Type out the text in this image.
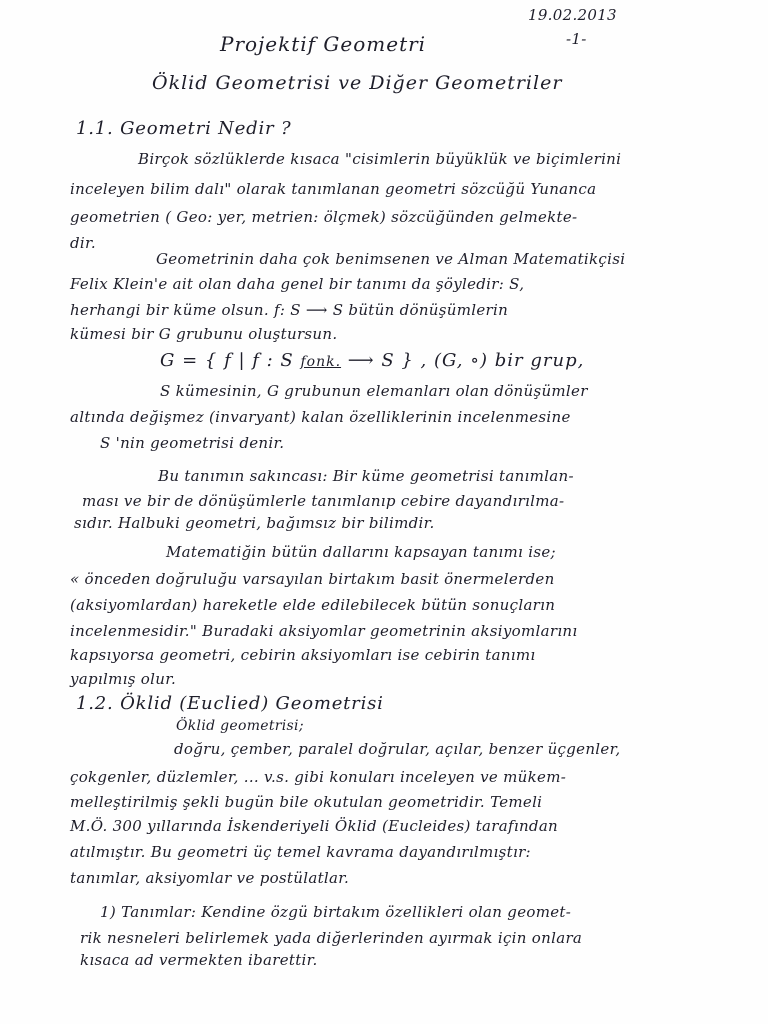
19.02.2013
-1-
Projektif Geometri
Öklid Geometrisi ve Diğer Geometriler
1.1. Geometri Nedir ?
Birçok sözlüklerde kısaca "cisimlerin büyüklük ve biçimlerini
inceleyen bilim dalı" olarak tanımlanan geometri sözcüğü Yunanca
geometrien ( Geo: yer, metrien: ölçmek) sözcüğünden gelmekte-
dir.
Geometrinin daha çok benimsenen ve Alman Matematikçisi
Felix Klein'e ait olan daha genel bir tanımı da şöyledir: S,
herhangi bir küme olsun. f: S ⟶ S bütün dönüşümlerin
kümesi bir G grubunu oluştursun.
G = { f | f : S fonk. ⟶ S } , (G, ∘) bir grup,
S kümesinin, G grubunun elemanları olan dönüşümler
altında değişmez (invaryant) kalan özelliklerinin incelenmesine
S 'nin geometrisi denir.
Bu tanımın sakıncası: Bir küme geometrisi tanımlan-
ması ve bir de dönüşümlerle tanımlanıp cebire dayandırılma-
sıdır. Halbuki geometri, bağımsız bir bilimdir.
Matematiğin bütün dallarını kapsayan tanımı ise;
« önceden doğruluğu varsayılan birtakım basit önermelerden
(aksiyomlardan) hareketle elde edilebilecek bütün sonuçların
incelenmesidir." Buradaki aksiyomlar geometrinin aksiyomlarını
kapsıyorsa geometri, cebirin aksiyomları ise cebirin tanımı
yapılmış olur.
1.2. Öklid (Euclied) Geometrisi
Öklid geometrisi;
doğru, çember, paralel doğrular, açılar, benzer üçgenler,
çokgenler, düzlemler, ... v.s. gibi konuları inceleyen ve mükem-
melleştirilmiş şekli bugün bile okutulan geometridir. Temeli
M.Ö. 300 yıllarında İskenderiyeli Öklid (Eucleides) tarafından
atılmıştır. Bu geometri üç temel kavrama dayandırılmıştır:
tanımlar, aksiyomlar ve postülatlar.
1) Tanımlar: Kendine özgü birtakım özellikleri olan geomet-
rik nesneleri belirlemek yada diğerlerinden ayırmak için onlara
kısaca ad vermekten ibarettir.
